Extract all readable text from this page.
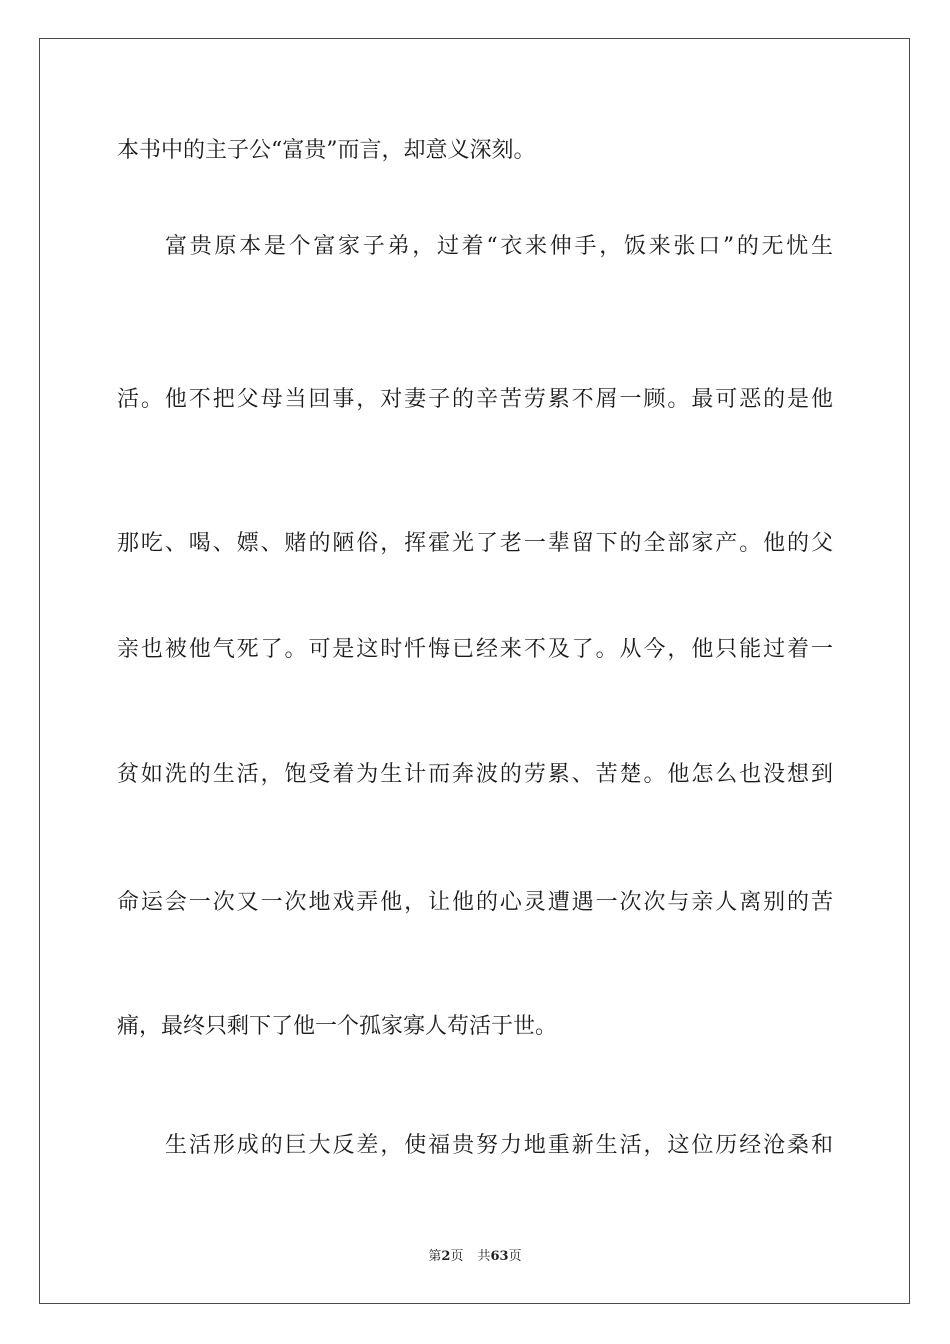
本书中的主子公“富贵”而言，却意义深刻。
富贵原本是个富家子弟，过着“衣来伸手，饭来张口”的无忧生
活。他不把父母当回事，对妻子的辛苦劳累不屑一顾。最可恶的是他
那吃、喝、嫖、赌的陋俗，挥霍光了老一辈留下的全部家产。他的父
亲也被他气死了。可是这时忏悔已经来不及了。从今，他只能过着一
贫如洗的生活，饱受着为生计而奔波的劳累、苦楚。他怎么也没想到
命运会一次又一次地戏弄他，让他的心灵遭遇一次次与亲人离别的苦
痛，最终只剩下了他一个孤家寡人苟活于世。
生活形成的巨大反差，使福贵努力地重新生活，这位历经沧桑和
第2页 共63页
